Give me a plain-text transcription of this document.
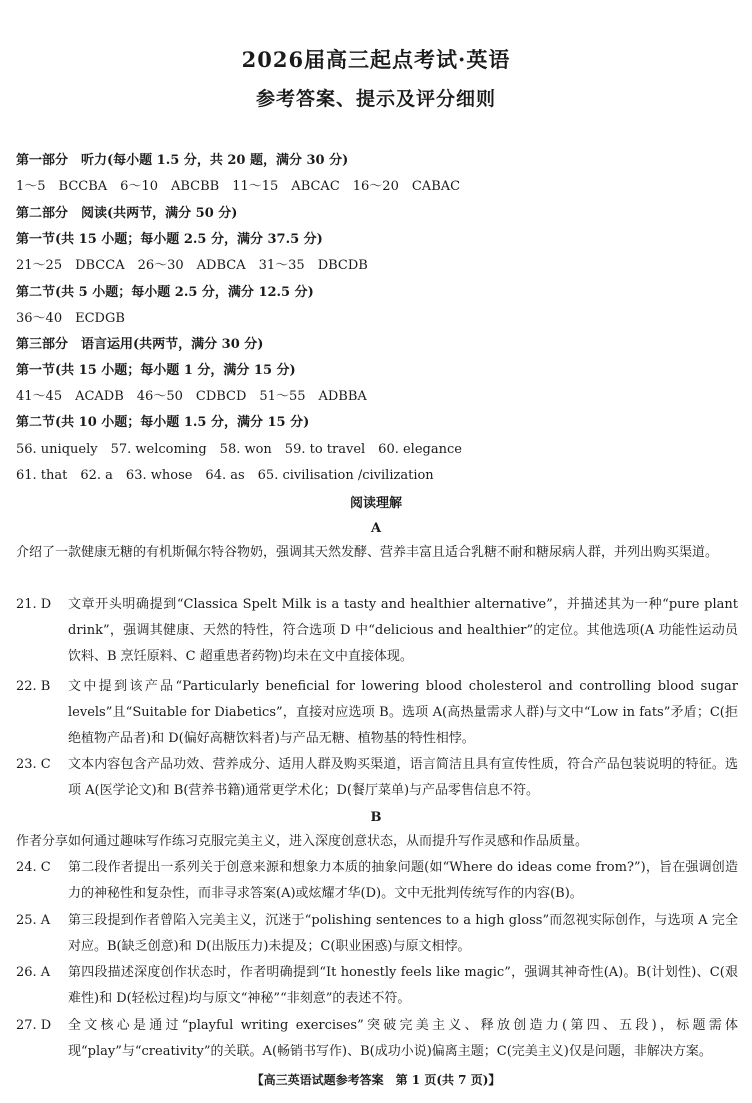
2026届高三起点考试·英语
参考答案、提示及评分细则
第一部分　听力(每小题 1.5 分，共 20 题，满分 30 分)
1～5　BCCBA　6～10　ABCBB　11～15　ABCAC　16～20　CABAC
第二部分　阅读(共两节，满分 50 分)
第一节(共 15 小题；每小题 2.5 分，满分 37.5 分)
21～25　DBCCA　26～30　ADBCA　31～35　DBCDB
第二节(共 5 小题；每小题 2.5 分，满分 12.5 分)
36～40　ECDGB
第三部分　语言运用(共两节，满分 30 分)
第一节(共 15 小题；每小题 1 分，满分 15 分)
41～45　ACADB　46～50　CDBCD　51～55　ADBBA
第二节(共 10 小题；每小题 1.5 分，满分 15 分)
56. uniquely　57. welcoming　58. won　59. to travel　60. elegance
61. that　62. a　63. whose　64. as　65. civilisation /civilization
阅读理解
A
介绍了一款健康无糖的有机斯佩尔特谷物奶，强调其天然发酵、营养丰富且适合乳糖不耐和糖尿病人群，并列出购买渠道。
21. D	文章开头明确提到“Classica Spelt Milk is a tasty and healthier alternative”，并描述其为一种“pure plant drink”，强调其健康、天然的特性，符合选项 D 中“delicious and healthier”的定位。其他选项(A 功能性运动员饮料、B 烹饪原料、C 超重患者药物)均未在文中直接体现。
22. B	文中提到该产品“Particularly beneficial for lowering blood cholesterol and controlling blood sugar levels”且“Suitable for Diabetics”，直接对应选项 B。选项 A(高热量需求人群)与文中“Low in fats”矛盾；C(拒绝植物产品者)和 D(偏好高糖饮料者)与产品无糖、植物基的特性相悖。
23. C	文本内容包含产品功效、营养成分、适用人群及购买渠道，语言简洁且具有宣传性质，符合产品包装说明的特征。选项 A(医学论文)和 B(营养书籍)通常更学术化；D(餐厅菜单)与产品零售信息不符。
B
作者分享如何通过趣味写作练习克服完美主义，进入深度创意状态，从而提升写作灵感和作品质量。
24. C	第二段作者提出一系列关于创意来源和想象力本质的抽象问题(如“Where do ideas come from?”)，旨在强调创造力的神秘性和复杂性，而非寻求答案(A)或炫耀才华(D)。文中无批判传统写作的内容(B)。
25. A	第三段提到作者曾陷入完美主义，沉迷于“polishing sentences to a high gloss”而忽视实际创作，与选项 A 完全对应。B(缺乏创意)和 D(出版压力)未提及；C(职业困惑)与原文相悖。
26. A	第四段描述深度创作状态时，作者明确提到“It honestly feels like magic”，强调其神奇性(A)。B(计划性)、C(艰难性)和 D(轻松过程)均与原文“神秘”“非刻意”的表述不符。
27. D	全文核心是通过“playful writing exercises”突破完美主义、释放创造力(第四、五段)，标题需体现“play”与“creativity”的关联。A(畅销书写作)、B(成功小说)偏离主题；C(完美主义)仅是问题，非解决方案。
【高三英语试题参考答案　第 1 页(共 7 页)】
